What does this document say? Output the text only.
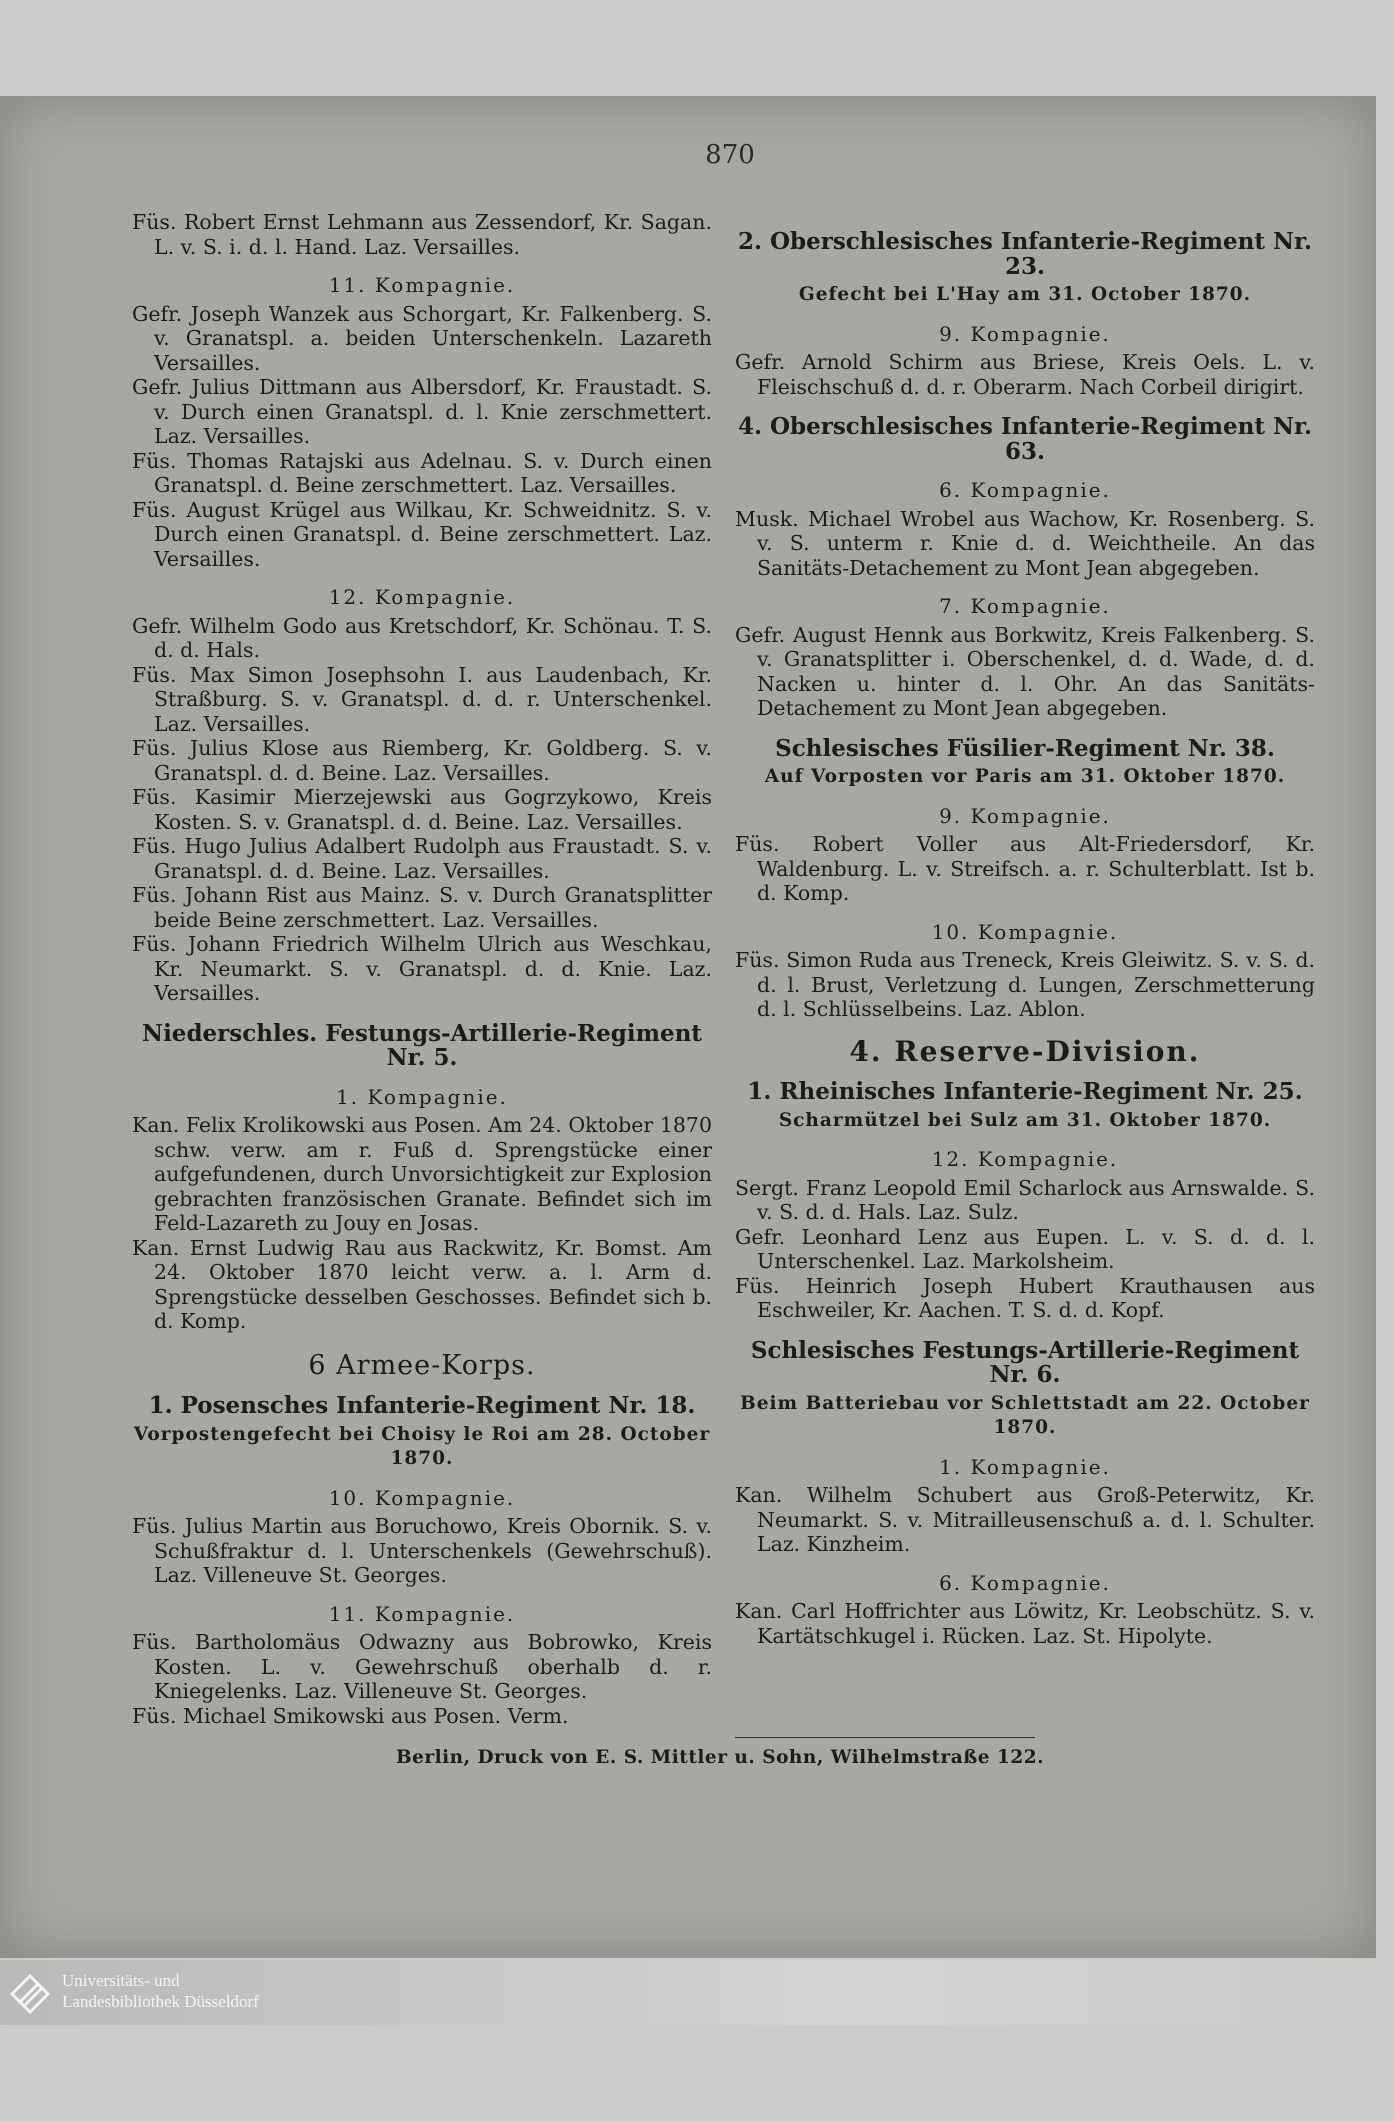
870

Füs. Robert Ernst Lehmann aus Zessendorf, Kr. Sagan. L. v. S. i. d. l. Hand. Laz. Versailles.

11. Kompagnie.

Gefr. Joseph Wanzek aus Schorgart, Kr. Falkenberg. S. v. Granatspl. a. beiden Unterschenkeln. Lazareth Versailles.

Gefr. Julius Dittmann aus Albersdorf, Kr. Fraustadt. S. v. Durch einen Granatspl. d. l. Knie zerschmettert. Laz. Versailles.

Füs. Thomas Ratajski aus Adelnau. S. v. Durch einen Granatspl. d. Beine zerschmettert. Laz. Versailles.

Füs. August Krügel aus Wilkau, Kr. Schweidnitz. S. v. Durch einen Granatspl. d. Beine zerschmettert. Laz. Versailles.

12. Kompagnie.

Gefr. Wilhelm Godo aus Kretschdorf, Kr. Schönau. T. S. d. d. Hals.

Füs. Max Simon Josephsohn I. aus Laudenbach, Kr. Straßburg. S. v. Granatspl. d. d. r. Unterschenkel. Laz. Versailles.

Füs. Julius Klose aus Riemberg, Kr. Goldberg. S. v. Granatspl. d. d. Beine. Laz. Versailles.

Füs. Kasimir Mierzejewski aus Gogrzykowo, Kreis Kosten. S. v. Granatspl. d. d. Beine. Laz. Versailles.

Füs. Hugo Julius Adalbert Rudolph aus Fraustadt. S. v. Granatspl. d. d. Beine. Laz. Versailles.

Füs. Johann Rist aus Mainz. S. v. Durch Granatsplitter beide Beine zerschmettert. Laz. Versailles.

Füs. Johann Friedrich Wilhelm Ulrich aus Weschkau, Kr. Neumarkt. S. v. Granatspl. d. d. Knie. Laz. Versailles.

Niederschles. Festungs-Artillerie-Regiment Nr. 5.
1. Kompagnie.

Kan. Felix Krolikowski aus Posen. Am 24. Oktober 1870 schw. verw. am r. Fuß d. Sprengstücke einer aufgefundenen, durch Unvorsichtigkeit zur Explosion gebrachten französischen Granate. Befindet sich im Feld-Lazareth zu Jouy en Josas.

Kan. Ernst Ludwig Rau aus Rackwitz, Kr. Bomst. Am 24. Oktober 1870 leicht verw. a. l. Arm d. Sprengstücke desselben Geschosses. Befindet sich b. d. Komp.

6 Armee-Korps.
1. Posensches Infanterie-Regiment Nr. 18.
Vorpostengefecht bei Choisy le Roi am 28. October 1870.
10. Kompagnie.

Füs. Julius Martin aus Boruchowo, Kreis Obornik. S. v. Schußfraktur d. l. Unterschenkels (Gewehrschuß). Laz. Villeneuve St. Georges.

11. Kompagnie.

Füs. Bartholomäus Odwazny aus Bobrowko, Kreis Kosten. L. v. Gewehrschuß oberhalb d. r. Kniegelenks. Laz. Villeneuve St. Georges.

Füs. Michael Smikowski aus Posen. Verm.

2. Oberschlesisches Infanterie-Regiment Nr. 23.
Gefecht bei L'Hay am 31. October 1870.
9. Kompagnie.

Gefr. Arnold Schirm aus Briese, Kreis Oels. L. v. Fleischschuß d. d. r. Oberarm. Nach Corbeil dirigirt.

4. Oberschlesisches Infanterie-Regiment Nr. 63.
6. Kompagnie.

Musk. Michael Wrobel aus Wachow, Kr. Rosenberg. S. v. S. unterm r. Knie d. d. Weichtheile. An das Sanitäts-Detachement zu Mont Jean abgegeben.

7. Kompagnie.

Gefr. August Hennk aus Borkwitz, Kreis Falkenberg. S. v. Granatsplitter i. Oberschenkel, d. d. Wade, d. d. Nacken u. hinter d. l. Ohr. An das Sanitäts-Detachement zu Mont Jean abgegeben.

Schlesisches Füsilier-Regiment Nr. 38.
Auf Vorposten vor Paris am 31. Oktober 1870.
9. Kompagnie.

Füs. Robert Voller aus Alt-Friedersdorf, Kr. Waldenburg. L. v. Streifsch. a. r. Schulterblatt. Ist b. d. Komp.

10. Kompagnie.

Füs. Simon Ruda aus Treneck, Kreis Gleiwitz. S. v. S. d. d. l. Brust, Verletzung d. Lungen, Zerschmetterung d. l. Schlüsselbeins. Laz. Ablon.

4. Reserve-Division.
1. Rheinisches Infanterie-Regiment Nr. 25.
Scharmützel bei Sulz am 31. Oktober 1870.
12. Kompagnie.

Sergt. Franz Leopold Emil Scharlock aus Arnswalde. S. v. S. d. d. Hals. Laz. Sulz.

Gefr. Leonhard Lenz aus Eupen. L. v. S. d. d. l. Unterschenkel. Laz. Markolsheim.

Füs. Heinrich Joseph Hubert Krauthausen aus Eschweiler, Kr. Aachen. T. S. d. d. Kopf.

Schlesisches Festungs-Artillerie-Regiment Nr. 6.
Beim Batteriebau vor Schlettstadt am 22. October 1870.
1. Kompagnie.

Kan. Wilhelm Schubert aus Groß-Peterwitz, Kr. Neumarkt. S. v. Mitrailleusenschuß a. d. l. Schulter. Laz. Kinzheim.

6. Kompagnie.

Kan. Carl Hoffrichter aus Löwitz, Kr. Leobschütz. S. v. Kartätschkugel i. Rücken. Laz. St. Hipolyte.

Berlin, Druck von E. S. Mittler u. Sohn, Wilhelmstraße 122.
Universitäts- und
Landesbibliothek Düsseldorf
